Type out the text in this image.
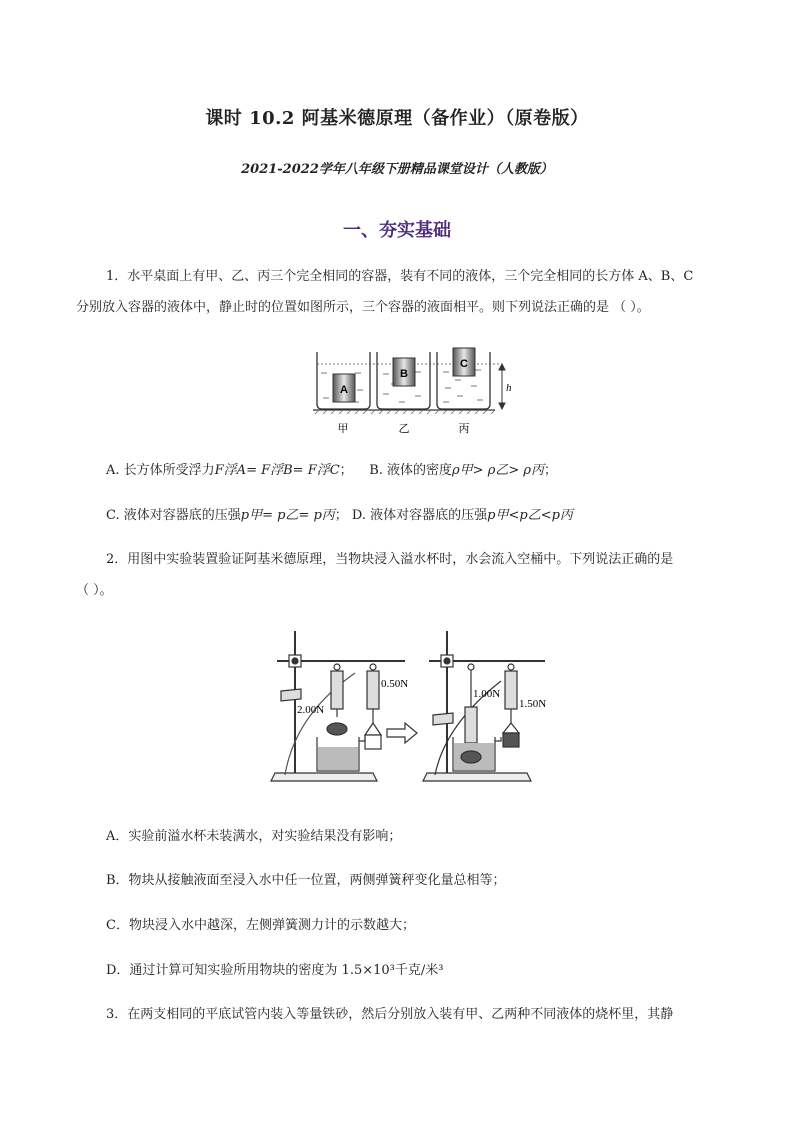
课时 10.2 阿基米德原理（备作业）（原卷版）
2021-2022学年八年级下册精品课堂设计（人教版）
一、夯实基础
1．水平桌面上有甲、乙、丙三个完全相同的容器，装有不同的液体，三个完全相同的长方体 A、B、C
分别放入容器的液体中，静止时的位置如图所示，三个容器的液面相平。则下列说法正确的是 （ ）。
A
B
C
h
甲	乙	丙
A. 长方体所受浮力F浮A= F浮B= F浮C； B. 液体的密度ρ甲> ρ乙> ρ丙；
C. 液体对容器底的压强p甲= p乙= p丙； D. 液体对容器底的压强p甲<p乙<p丙
2．用图中实验装置验证阿基米德原理，当物块浸入溢水杯时，水会流入空桶中。下列说法正确的是
（ ）。
2.00N
0.50N
1.00N
1.50N
A．实验前溢水杯未装满水，对实验结果没有影响；
B．物块从接触液面至浸入水中任一位置，两侧弹簧秤变化量总相等；
C．物块浸入水中越深，左侧弹簧测力计的示数越大；
D．通过计算可知实验所用物块的密度为 1.5×10³千克/米³
3．在两支相同的平底试管内装入等量铁砂，然后分别放入装有甲、乙两种不同液体的烧杯里，其静
